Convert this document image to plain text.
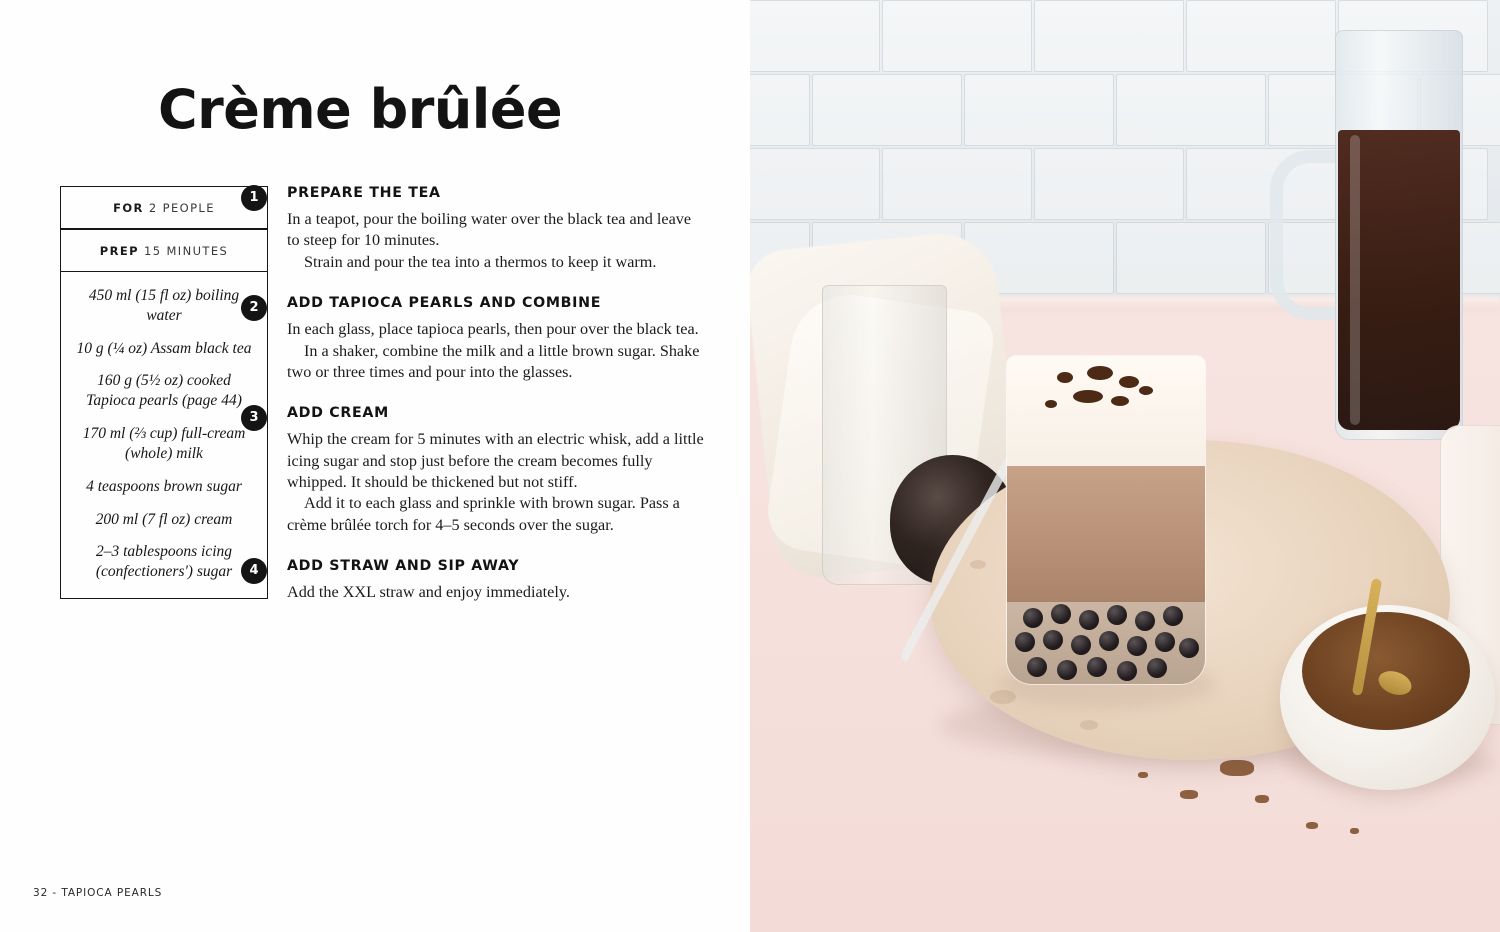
Crème brûlée
FOR 2 PEOPLE
PREP 15 MINUTES

450 ml (15 fl oz) boiling water

10 g (¼ oz) Assam black tea

160 g (5½ oz) cooked Tapioca pearls (page 44)

170 ml (⅔ cup) full-cream (whole) milk

4 teaspoons brown sugar

200 ml (7 fl oz) cream

2–3 tablespoons icing (confectioners') sugar

1	PREPARE THE TEA

In a teapot, pour the boiling water over the black tea and leave to steep for 10 minutes.

Strain and pour the tea into a thermos to keep it warm.

2	ADD TAPIOCA PEARLS AND COMBINE

In each glass, place tapioca pearls, then pour over the black tea.

In a shaker, combine the milk and a little brown sugar. Shake two or three times and pour into the glasses.

3	ADD CREAM

Whip the cream for 5 minutes with an electric whisk, add a little icing sugar and stop just before the cream becomes fully whipped. It should be thickened but not stiff.

Add it to each glass and sprinkle with brown sugar. Pass a crème brûlée torch for 4–5 seconds over the sugar.

4	ADD STRAW AND SIP AWAY

Add the XXL straw and enjoy immediately.

32 - TAPIOCA PEARLS
